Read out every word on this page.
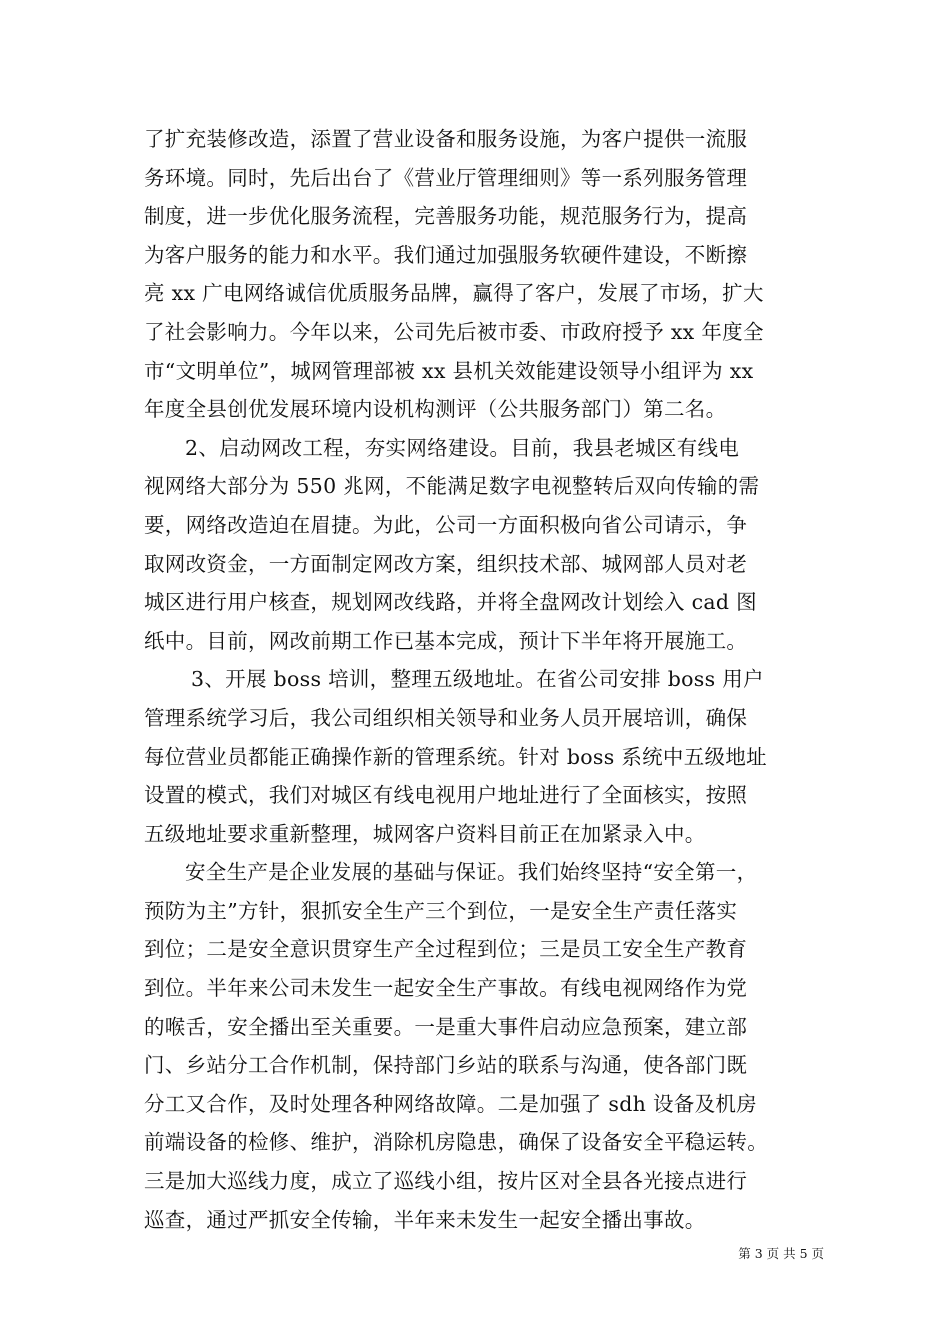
了扩充装修改造，添置了营业设备和服务设施，为客户提供一流服
务环境。同时，先后出台了《营业厅管理细则》等一系列服务管理
制度，进一步优化服务流程，完善服务功能，规范服务行为，提高
为客户服务的能力和水平。我们通过加强服务软硬件建设，不断擦
亮 xx 广电网络诚信优质服务品牌，赢得了客户，发展了市场，扩大
了社会影响力。今年以来，公司先后被市委、市政府授予 xx 年度全
市“文明单位”，城网管理部被 xx 县机关效能建设领导小组评为 xx
年度全县创优发展环境内设机构测评（公共服务部门）第二名。
2、启动网改工程，夯实网络建设。目前，我县老城区有线电
视网络大部分为 550 兆网，不能满足数字电视整转后双向传输的需
要，网络改造迫在眉捷。为此，公司一方面积极向省公司请示，争
取网改资金，一方面制定网改方案，组织技术部、城网部人员对老
城区进行用户核查，规划网改线路，并将全盘网改计划绘入 cad 图
纸中。目前，网改前期工作已基本完成，预计下半年将开展施工。
3、开展 boss 培训，整理五级地址。在省公司安排 boss 用户
管理系统学习后，我公司组织相关领导和业务人员开展培训，确保
每位营业员都能正确操作新的管理系统。针对 boss 系统中五级地址
设置的模式，我们对城区有线电视用户地址进行了全面核实，按照
五级地址要求重新整理，城网客户资料目前正在加紧录入中。
安全生产是企业发展的基础与保证。我们始终坚持“安全第一，
预防为主”方针，狠抓安全生产三个到位，一是安全生产责任落实
到位；二是安全意识贯穿生产全过程到位；三是员工安全生产教育
到位。半年来公司未发生一起安全生产事故。有线电视网络作为党
的喉舌，安全播出至关重要。一是重大事件启动应急预案，建立部
门、乡站分工合作机制，保持部门乡站的联系与沟通，使各部门既
分工又合作，及时处理各种网络故障。二是加强了 sdh 设备及机房
前端设备的检修、维护，消除机房隐患，确保了设备安全平稳运转。
三是加大巡线力度，成立了巡线小组，按片区对全县各光接点进行
巡查，通过严抓安全传输，半年来未发生一起安全播出事故。
第 3 页 共 5 页
